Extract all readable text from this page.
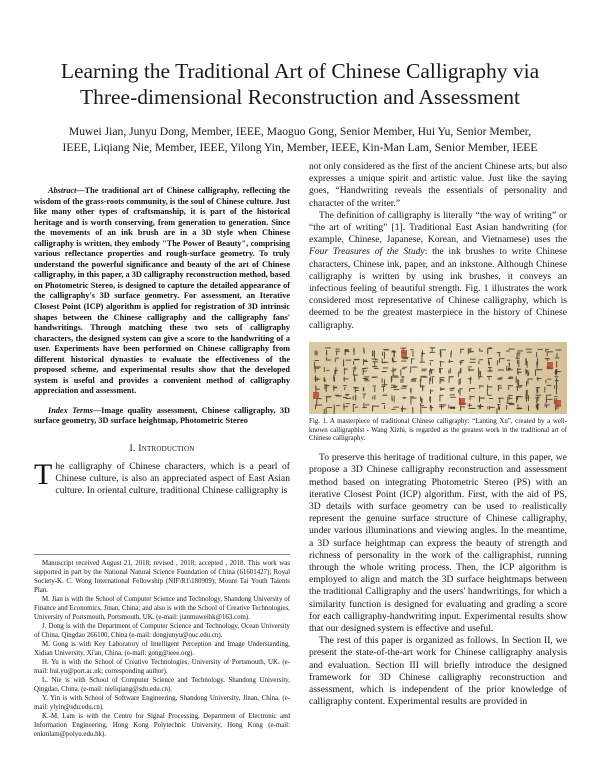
Learning the Traditional Art of Chinese Calligraphy via
Three-dimensional Reconstruction and Assessment

Muwei Jian, Junyu Dong, Member, IEEE, Maoguo Gong, Senior Member, Hui Yu, Senior Member,
IEEE, Liqiang Nie, Member, IEEE, Yilong Yin, Member, IEEE, Kin-Man Lam, Senior Member, IEEE

Abstract—The traditional art of Chinese calligraphy, reflecting the wisdom of the grass-roots community, is the soul of Chinese culture. Just like many other types of craftsmanship, it is part of the historical heritage and is worth conserving, from generation to generation. Since the movements of an ink brush are in a 3D style when Chinese calligraphy is written, they embody "The Power of Beauty", comprising various reflectance properties and rough-surface geometry. To truly understand the powerful significance and beauty of the art of Chinese calligraphy, in this paper, a 3D calligraphy reconstruction method, based on Photometric Stereo, is designed to capture the detailed appearance of the calligraphy's 3D surface geometry. For assessment, an Iterative Closest Point (ICP) algorithm is applied for registration of 3D intrinsic shapes between the Chinese calligraphy and the calligraphy fans' handwritings. Through matching these two sets of calligraphy characters, the designed system can give a score to the handwriting of a user. Experiments have been performed on Chinese calligraphy from different historical dynasties to evaluate the effectiveness of the proposed scheme, and experimental results show that the developed system is useful and provides a convenient method of calligraphy appreciation and assessment.

Index Terms—Image quality assessment, Chinese calligraphy, 3D surface geometry, 3D surface heightmap, Photometric Stereo

I. Introduction

The calligraphy of Chinese characters, which is a pearl of Chinese culture, is also an appreciated aspect of East Asian culture. In oriental culture, traditional Chinese calligraphy is

Manuscript received August 21, 2018; revised , 2018; accepted , 2018. This work was supported in part by the National Natural Science Foundation of China (61601427); Royal Society-K. C. Wong International Fellowship (NIF\R1\180909); Mount Tai Youth Talents Plan.

M. Jian is with the School of Computer Science and Technology, Shandong University of Finance and Economics, Jinan, China; and also is with the School of Creative Technologies, University of Portsmouth, Portsmouth, UK. (e-mail: jianmuweihk@163.com).

J. Dong is with the Department of Computer Science and Technology, Ocean University of China, Qingdao 266100, China (e-mail: dongjunyu@ouc.edu.cn).

M. Gong is with Key Laboratory of Intelligent Perception and Image Understanding, Xidian University, Xi'an, China. (e-mail: gong@ieee.org).

H. Yu is with the School of Creative Technologies, University of Portsmouth, UK. (e-mail: hui.yu@port.ac.uk; corresponding author).

L. Nie is with School of Computer Science and Technology, Shandong University, Qingdao, China. (e-mail: nieliqiang@sdu.edu.cn).

Y. Yin is with School of Software Engineering, Shandong University, Jinan, China. (e-mail: ylyin@sdu.edu.cn).

K.-M. Lam is with the Centre for Signal Processing, Department of Electronic and Information Engineering, Hong Kong Polytechnic University, Hong Kong (e-mail: enkmlam@polyu.edu.hk).

not only considered as the first of the ancient Chinese arts, but also expresses a unique spirit and artistic value. Just like the saying goes, “Handwriting reveals the essentials of personality and character of the writer.”

The definition of calligraphy is literally “the way of writing” or “the art of writing” [1]. Traditional East Asian handwriting (for example, Chinese, Japanese, Korean, and Vietnamese) uses the Four Treasures of the Study: the ink brushes to write Chinese characters, Chinese ink, paper, and an inkstone. Although Chinese calligraphy is written by using ink brushes, it conveys an infectious feeling of beautiful strength. Fig. 1 illustrates the work considered most representative of Chinese calligraphy, which is deemed to be the greatest masterpiece in the history of Chinese calligraphy.

Fig. 1. A masterpiece of traditional Chinese calligraphy: “Lanting Xu”, created by a well-known calligraphist - Wang Xizhi, is regarded as the greatest work in the traditional art of Chinese calligraphy.

To preserve this heritage of traditional culture, in this paper, we propose a 3D Chinese calligraphy reconstruction and assessment method based on integrating Photometric Stereo (PS) with an iterative Closest Point (ICP) algorithm. First, with the aid of PS, 3D details with surface geometry can be used to realistically represent the genuine surface structure of Chinese calligraphy, under various illuminations and viewing angles. In the meantime, a 3D surface heightmap can express the beauty of strength and richness of personality in the work of the calligraphist, running through the whole writing process. Then, the ICP algorithm is employed to align and match the 3D surface heightmaps between the traditional Calligraphy and the users' handwritings, for which a similarity function is designed for evaluating and grading a score for each calligraphy-handwriting input. Experimental results show that our designed system is effective and useful.

The rest of this paper is organized as follows. In Section II, we present the state-of-the-art work for Chinese calligraphy analysis and evaluation. Section III will briefly introduce the designed framework for 3D Chinese calligraphy reconstruction and assessment, which is independent of the prior knowledge of calligraphy content. Experimental results are provided in
